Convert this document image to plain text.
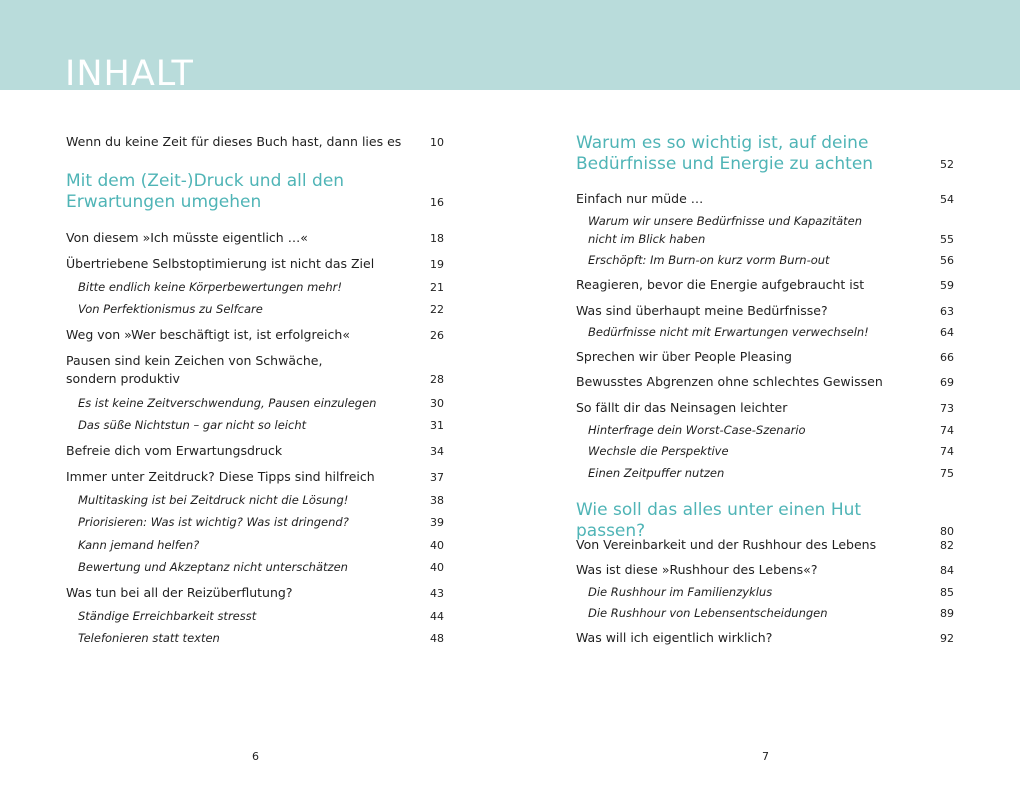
INHALT
Wenn du keine Zeit für dieses Buch hast, dann lies es	10
Mit dem (Zeit-)Druck und all den
Erwartungen umgehen	16
Von diesem »Ich müsste eigentlich …«	18
Übertriebene Selbstoptimierung ist nicht das Ziel	19
Bitte endlich keine Körperbewertungen mehr!	21
Von Perfektionismus zu Selfcare	22
Weg von »Wer beschäftigt ist, ist erfolgreich«	26
Pausen sind kein Zeichen von Schwäche,
sondern produktiv	28
Es ist keine Zeitverschwendung, Pausen einzulegen	30
Das süße Nichtstun – gar nicht so leicht	31
Befreie dich vom Erwartungsdruck	34
Immer unter Zeitdruck? Diese Tipps sind hilfreich	37
Multitasking ist bei Zeitdruck nicht die Lösung!	38
Priorisieren: Was ist wichtig? Was ist dringend?	39
Kann jemand helfen?	40
Bewertung und Akzeptanz nicht unterschätzen	40
Was tun bei all der Reizüberflutung?	43
Ständige Erreichbarkeit stresst	44
Telefonieren statt texten	48
Warum es so wichtig ist, auf deine
Bedürfnisse und Energie zu achten	52
Einfach nur müde …	54
Warum wir unsere Bedürfnisse und Kapazitäten
nicht im Blick haben	55
Erschöpft: Im Burn-on kurz vorm Burn-out	56
Reagieren, bevor die Energie aufgebraucht ist	59
Was sind überhaupt meine Bedürfnisse?	63
Bedürfnisse nicht mit Erwartungen verwechseln!	64
Sprechen wir über People Pleasing	66
Bewusstes Abgrenzen ohne schlechtes Gewissen	69
So fällt dir das Neinsagen leichter	73
Hinterfrage dein Worst-Case-Szenario	74
Wechsle die Perspektive	74
Einen Zeitpuffer nutzen	75
Wie soll das alles unter einen Hut passen?	80
Von Vereinbarkeit und der Rushhour des Lebens	82
Was ist diese »Rushhour des Lebens«?	84
Die Rushhour im Familienzyklus	85
Die Rushhour von Lebensentscheidungen	89
Was will ich eigentlich wirklich?	92
6	7
